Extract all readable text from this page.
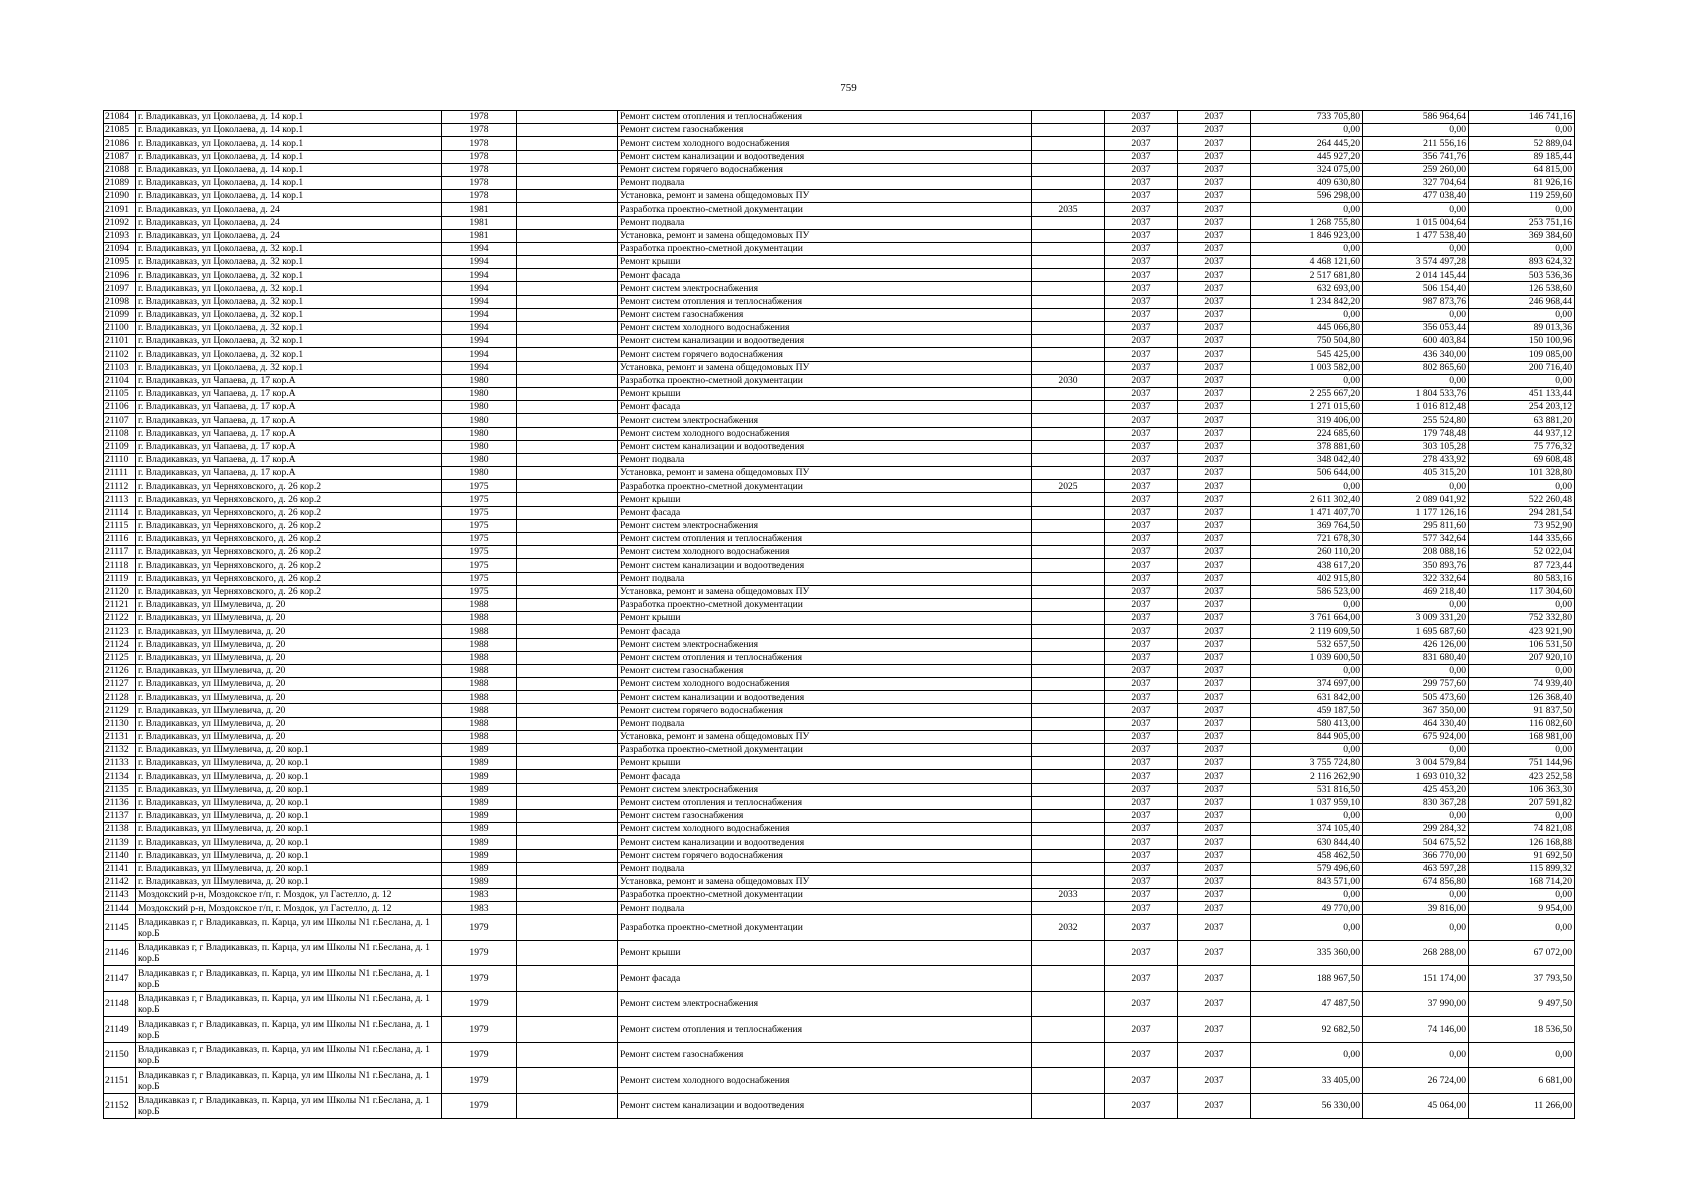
759
21084	г. Владикавказ, ул Цоколаева, д. 14 кор.1	1978		Ремонт систем отопления и теплоснабжения		2037	2037	733 705,80	586 964,64	146 741,16
21085	г. Владикавказ, ул Цоколаева, д. 14 кор.1	1978		Ремонт систем газоснабжения		2037	2037	0,00	0,00	0,00
21086	г. Владикавказ, ул Цоколаева, д. 14 кор.1	1978		Ремонт систем холодного водоснабжения		2037	2037	264 445,20	211 556,16	52 889,04
21087	г. Владикавказ, ул Цоколаева, д. 14 кор.1	1978		Ремонт систем канализации и водоотведения		2037	2037	445 927,20	356 741,76	89 185,44
21088	г. Владикавказ, ул Цоколаева, д. 14 кор.1	1978		Ремонт систем горячего водоснабжения		2037	2037	324 075,00	259 260,00	64 815,00
21089	г. Владикавказ, ул Цоколаева, д. 14 кор.1	1978		Ремонт подвала		2037	2037	409 630,80	327 704,64	81 926,16
21090	г. Владикавказ, ул Цоколаева, д. 14 кор.1	1978		Установка, ремонт и замена общедомовых ПУ		2037	2037	596 298,00	477 038,40	119 259,60
21091	г. Владикавказ, ул Цоколаева, д. 24	1981		Разработка проектно-сметной документации	2035	2037	2037	0,00	0,00	0,00
21092	г. Владикавказ, ул Цоколаева, д. 24	1981		Ремонт подвала		2037	2037	1 268 755,80	1 015 004,64	253 751,16
21093	г. Владикавказ, ул Цоколаева, д. 24	1981		Установка, ремонт и замена общедомовых ПУ		2037	2037	1 846 923,00	1 477 538,40	369 384,60
21094	г. Владикавказ, ул Цоколаева, д. 32 кор.1	1994		Разработка проектно-сметной документации		2037	2037	0,00	0,00	0,00
21095	г. Владикавказ, ул Цоколаева, д. 32 кор.1	1994		Ремонт крыши		2037	2037	4 468 121,60	3 574 497,28	893 624,32
21096	г. Владикавказ, ул Цоколаева, д. 32 кор.1	1994		Ремонт фасада		2037	2037	2 517 681,80	2 014 145,44	503 536,36
21097	г. Владикавказ, ул Цоколаева, д. 32 кор.1	1994		Ремонт систем электроснабжения		2037	2037	632 693,00	506 154,40	126 538,60
21098	г. Владикавказ, ул Цоколаева, д. 32 кор.1	1994		Ремонт систем отопления и теплоснабжения		2037	2037	1 234 842,20	987 873,76	246 968,44
21099	г. Владикавказ, ул Цоколаева, д. 32 кор.1	1994		Ремонт систем газоснабжения		2037	2037	0,00	0,00	0,00
21100	г. Владикавказ, ул Цоколаева, д. 32 кор.1	1994		Ремонт систем холодного водоснабжения		2037	2037	445 066,80	356 053,44	89 013,36
21101	г. Владикавказ, ул Цоколаева, д. 32 кор.1	1994		Ремонт систем канализации и водоотведения		2037	2037	750 504,80	600 403,84	150 100,96
21102	г. Владикавказ, ул Цоколаева, д. 32 кор.1	1994		Ремонт систем горячего водоснабжения		2037	2037	545 425,00	436 340,00	109 085,00
21103	г. Владикавказ, ул Цоколаева, д. 32 кор.1	1994		Установка, ремонт и замена общедомовых ПУ		2037	2037	1 003 582,00	802 865,60	200 716,40
21104	г. Владикавказ, ул Чапаева, д. 17 кор.А	1980		Разработка проектно-сметной документации	2030	2037	2037	0,00	0,00	0,00
21105	г. Владикавказ, ул Чапаева, д. 17 кор.А	1980		Ремонт крыши		2037	2037	2 255 667,20	1 804 533,76	451 133,44
21106	г. Владикавказ, ул Чапаева, д. 17 кор.А	1980		Ремонт фасада		2037	2037	1 271 015,60	1 016 812,48	254 203,12
21107	г. Владикавказ, ул Чапаева, д. 17 кор.А	1980		Ремонт систем электроснабжения		2037	2037	319 406,00	255 524,80	63 881,20
21108	г. Владикавказ, ул Чапаева, д. 17 кор.А	1980		Ремонт систем холодного водоснабжения		2037	2037	224 685,60	179 748,48	44 937,12
21109	г. Владикавказ, ул Чапаева, д. 17 кор.А	1980		Ремонт систем канализации и водоотведения		2037	2037	378 881,60	303 105,28	75 776,32
21110	г. Владикавказ, ул Чапаева, д. 17 кор.А	1980		Ремонт подвала		2037	2037	348 042,40	278 433,92	69 608,48
21111	г. Владикавказ, ул Чапаева, д. 17 кор.А	1980		Установка, ремонт и замена общедомовых ПУ		2037	2037	506 644,00	405 315,20	101 328,80
21112	г. Владикавказ, ул Черняховского, д. 26 кор.2	1975		Разработка проектно-сметной документации	2025	2037	2037	0,00	0,00	0,00
21113	г. Владикавказ, ул Черняховского, д. 26 кор.2	1975		Ремонт крыши		2037	2037	2 611 302,40	2 089 041,92	522 260,48
21114	г. Владикавказ, ул Черняховского, д. 26 кор.2	1975		Ремонт фасада		2037	2037	1 471 407,70	1 177 126,16	294 281,54
21115	г. Владикавказ, ул Черняховского, д. 26 кор.2	1975		Ремонт систем электроснабжения		2037	2037	369 764,50	295 811,60	73 952,90
21116	г. Владикавказ, ул Черняховского, д. 26 кор.2	1975		Ремонт систем отопления и теплоснабжения		2037	2037	721 678,30	577 342,64	144 335,66
21117	г. Владикавказ, ул Черняховского, д. 26 кор.2	1975		Ремонт систем холодного водоснабжения		2037	2037	260 110,20	208 088,16	52 022,04
21118	г. Владикавказ, ул Черняховского, д. 26 кор.2	1975		Ремонт систем канализации и водоотведения		2037	2037	438 617,20	350 893,76	87 723,44
21119	г. Владикавказ, ул Черняховского, д. 26 кор.2	1975		Ремонт подвала		2037	2037	402 915,80	322 332,64	80 583,16
21120	г. Владикавказ, ул Черняховского, д. 26 кор.2	1975		Установка, ремонт и замена общедомовых ПУ		2037	2037	586 523,00	469 218,40	117 304,60
21121	г. Владикавказ, ул Шмулевича, д. 20	1988		Разработка проектно-сметной документации		2037	2037	0,00	0,00	0,00
21122	г. Владикавказ, ул Шмулевича, д. 20	1988		Ремонт крыши		2037	2037	3 761 664,00	3 009 331,20	752 332,80
21123	г. Владикавказ, ул Шмулевича, д. 20	1988		Ремонт фасада		2037	2037	2 119 609,50	1 695 687,60	423 921,90
21124	г. Владикавказ, ул Шмулевича, д. 20	1988		Ремонт систем электроснабжения		2037	2037	532 657,50	426 126,00	106 531,50
21125	г. Владикавказ, ул Шмулевича, д. 20	1988		Ремонт систем отопления и теплоснабжения		2037	2037	1 039 600,50	831 680,40	207 920,10
21126	г. Владикавказ, ул Шмулевича, д. 20	1988		Ремонт систем газоснабжения		2037	2037	0,00	0,00	0,00
21127	г. Владикавказ, ул Шмулевича, д. 20	1988		Ремонт систем холодного водоснабжения		2037	2037	374 697,00	299 757,60	74 939,40
21128	г. Владикавказ, ул Шмулевича, д. 20	1988		Ремонт систем канализации и водоотведения		2037	2037	631 842,00	505 473,60	126 368,40
21129	г. Владикавказ, ул Шмулевича, д. 20	1988		Ремонт систем горячего водоснабжения		2037	2037	459 187,50	367 350,00	91 837,50
21130	г. Владикавказ, ул Шмулевича, д. 20	1988		Ремонт подвала		2037	2037	580 413,00	464 330,40	116 082,60
21131	г. Владикавказ, ул Шмулевича, д. 20	1988		Установка, ремонт и замена общедомовых ПУ		2037	2037	844 905,00	675 924,00	168 981,00
21132	г. Владикавказ, ул Шмулевича, д. 20 кор.1	1989		Разработка проектно-сметной документации		2037	2037	0,00	0,00	0,00
21133	г. Владикавказ, ул Шмулевича, д. 20 кор.1	1989		Ремонт крыши		2037	2037	3 755 724,80	3 004 579,84	751 144,96
21134	г. Владикавказ, ул Шмулевича, д. 20 кор.1	1989		Ремонт фасада		2037	2037	2 116 262,90	1 693 010,32	423 252,58
21135	г. Владикавказ, ул Шмулевича, д. 20 кор.1	1989		Ремонт систем электроснабжения		2037	2037	531 816,50	425 453,20	106 363,30
21136	г. Владикавказ, ул Шмулевича, д. 20 кор.1	1989		Ремонт систем отопления и теплоснабжения		2037	2037	1 037 959,10	830 367,28	207 591,82
21137	г. Владикавказ, ул Шмулевича, д. 20 кор.1	1989		Ремонт систем газоснабжения		2037	2037	0,00	0,00	0,00
21138	г. Владикавказ, ул Шмулевича, д. 20 кор.1	1989		Ремонт систем холодного водоснабжения		2037	2037	374 105,40	299 284,32	74 821,08
21139	г. Владикавказ, ул Шмулевича, д. 20 кор.1	1989		Ремонт систем канализации и водоотведения		2037	2037	630 844,40	504 675,52	126 168,88
21140	г. Владикавказ, ул Шмулевича, д. 20 кор.1	1989		Ремонт систем горячего водоснабжения		2037	2037	458 462,50	366 770,00	91 692,50
21141	г. Владикавказ, ул Шмулевича, д. 20 кор.1	1989		Ремонт подвала		2037	2037	579 496,60	463 597,28	115 899,32
21142	г. Владикавказ, ул Шмулевича, д. 20 кор.1	1989		Установка, ремонт и замена общедомовых ПУ		2037	2037	843 571,00	674 856,80	168 714,20
21143	Моздокский р-н, Моздокское г/п, г. Моздок, ул Гастелло, д. 12	1983		Разработка проектно-сметной документации	2033	2037	2037	0,00	0,00	0,00
21144	Моздокский р-н, Моздокское г/п, г. Моздок, ул Гастелло, д. 12	1983		Ремонт подвала		2037	2037	49 770,00	39 816,00	9 954,00
21145	Владикавказ г, г Владикавказ, п. Карца, ул им Школы N1 г.Беслана, д. 1 кор.Б	1979		Разработка проектно-сметной документации	2032	2037	2037	0,00	0,00	0,00
21146	Владикавказ г, г Владикавказ, п. Карца, ул им Школы N1 г.Беслана, д. 1 кор.Б	1979		Ремонт крыши		2037	2037	335 360,00	268 288,00	67 072,00
21147	Владикавказ г, г Владикавказ, п. Карца, ул им Школы N1 г.Беслана, д. 1 кор.Б	1979		Ремонт фасада		2037	2037	188 967,50	151 174,00	37 793,50
21148	Владикавказ г, г Владикавказ, п. Карца, ул им Школы N1 г.Беслана, д. 1 кор.Б	1979		Ремонт систем электроснабжения		2037	2037	47 487,50	37 990,00	9 497,50
21149	Владикавказ г, г Владикавказ, п. Карца, ул им Школы N1 г.Беслана, д. 1 кор.Б	1979		Ремонт систем отопления и теплоснабжения		2037	2037	92 682,50	74 146,00	18 536,50
21150	Владикавказ г, г Владикавказ, п. Карца, ул им Школы N1 г.Беслана, д. 1 кор.Б	1979		Ремонт систем газоснабжения		2037	2037	0,00	0,00	0,00
21151	Владикавказ г, г Владикавказ, п. Карца, ул им Школы N1 г.Беслана, д. 1 кор.Б	1979		Ремонт систем холодного водоснабжения		2037	2037	33 405,00	26 724,00	6 681,00
21152	Владикавказ г, г Владикавказ, п. Карца, ул им Школы N1 г.Беслана, д. 1 кор.Б	1979		Ремонт систем канализации и водоотведения		2037	2037	56 330,00	45 064,00	11 266,00
